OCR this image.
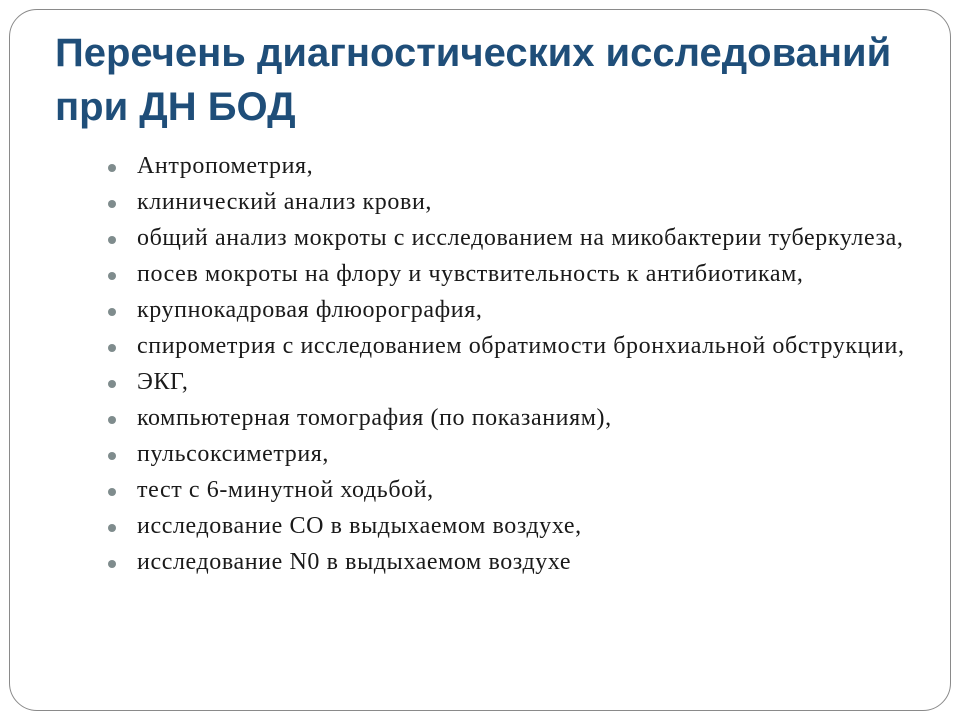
Перечень диагностических исследований при ДН БОД
Антропометрия,
клинический анализ крови,
общий анализ мокроты с исследованием на микобактерии туберкулеза,
посев мокроты на флору и чувствительность к антибиотикам,
крупнокадровая флюорография,
спирометрия с исследованием обратимости бронхиальной обструкции,
ЭКГ,
компьютерная томография (по показаниям),
пульсоксиметрия,
тест с 6-минутной ходьбой,
исследование CO в выдыхаемом воздухе,
исследование N0 в выдыхаемом воздухе
